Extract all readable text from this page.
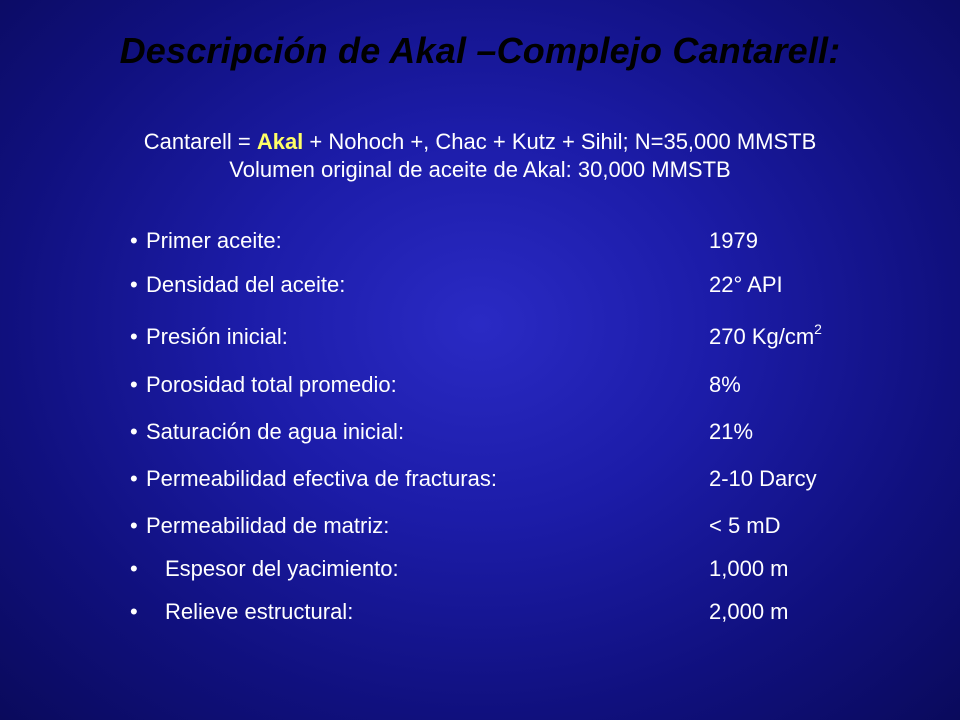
Descripción de Akal –Complejo Cantarell:
Cantarell = Akal + Nohoch +, Chac + Kutz + Sihil; N=35,000 MMSTB
Volumen original de aceite de Akal: 30,000 MMSTB
• Primer aceite:	1979
• Densidad del aceite:	22° API
• Presión inicial:	270 $Kg/cm^2$
• Porosidad total promedio:	8%
• Saturación de agua inicial:	21%
• Permeabilidad efectiva de fracturas:	2-10 Darcy
• Permeabilidad de matriz:	< 5 mD
• Espesor del yacimiento:	1,000 m
• Relieve estructural:	2,000 m
